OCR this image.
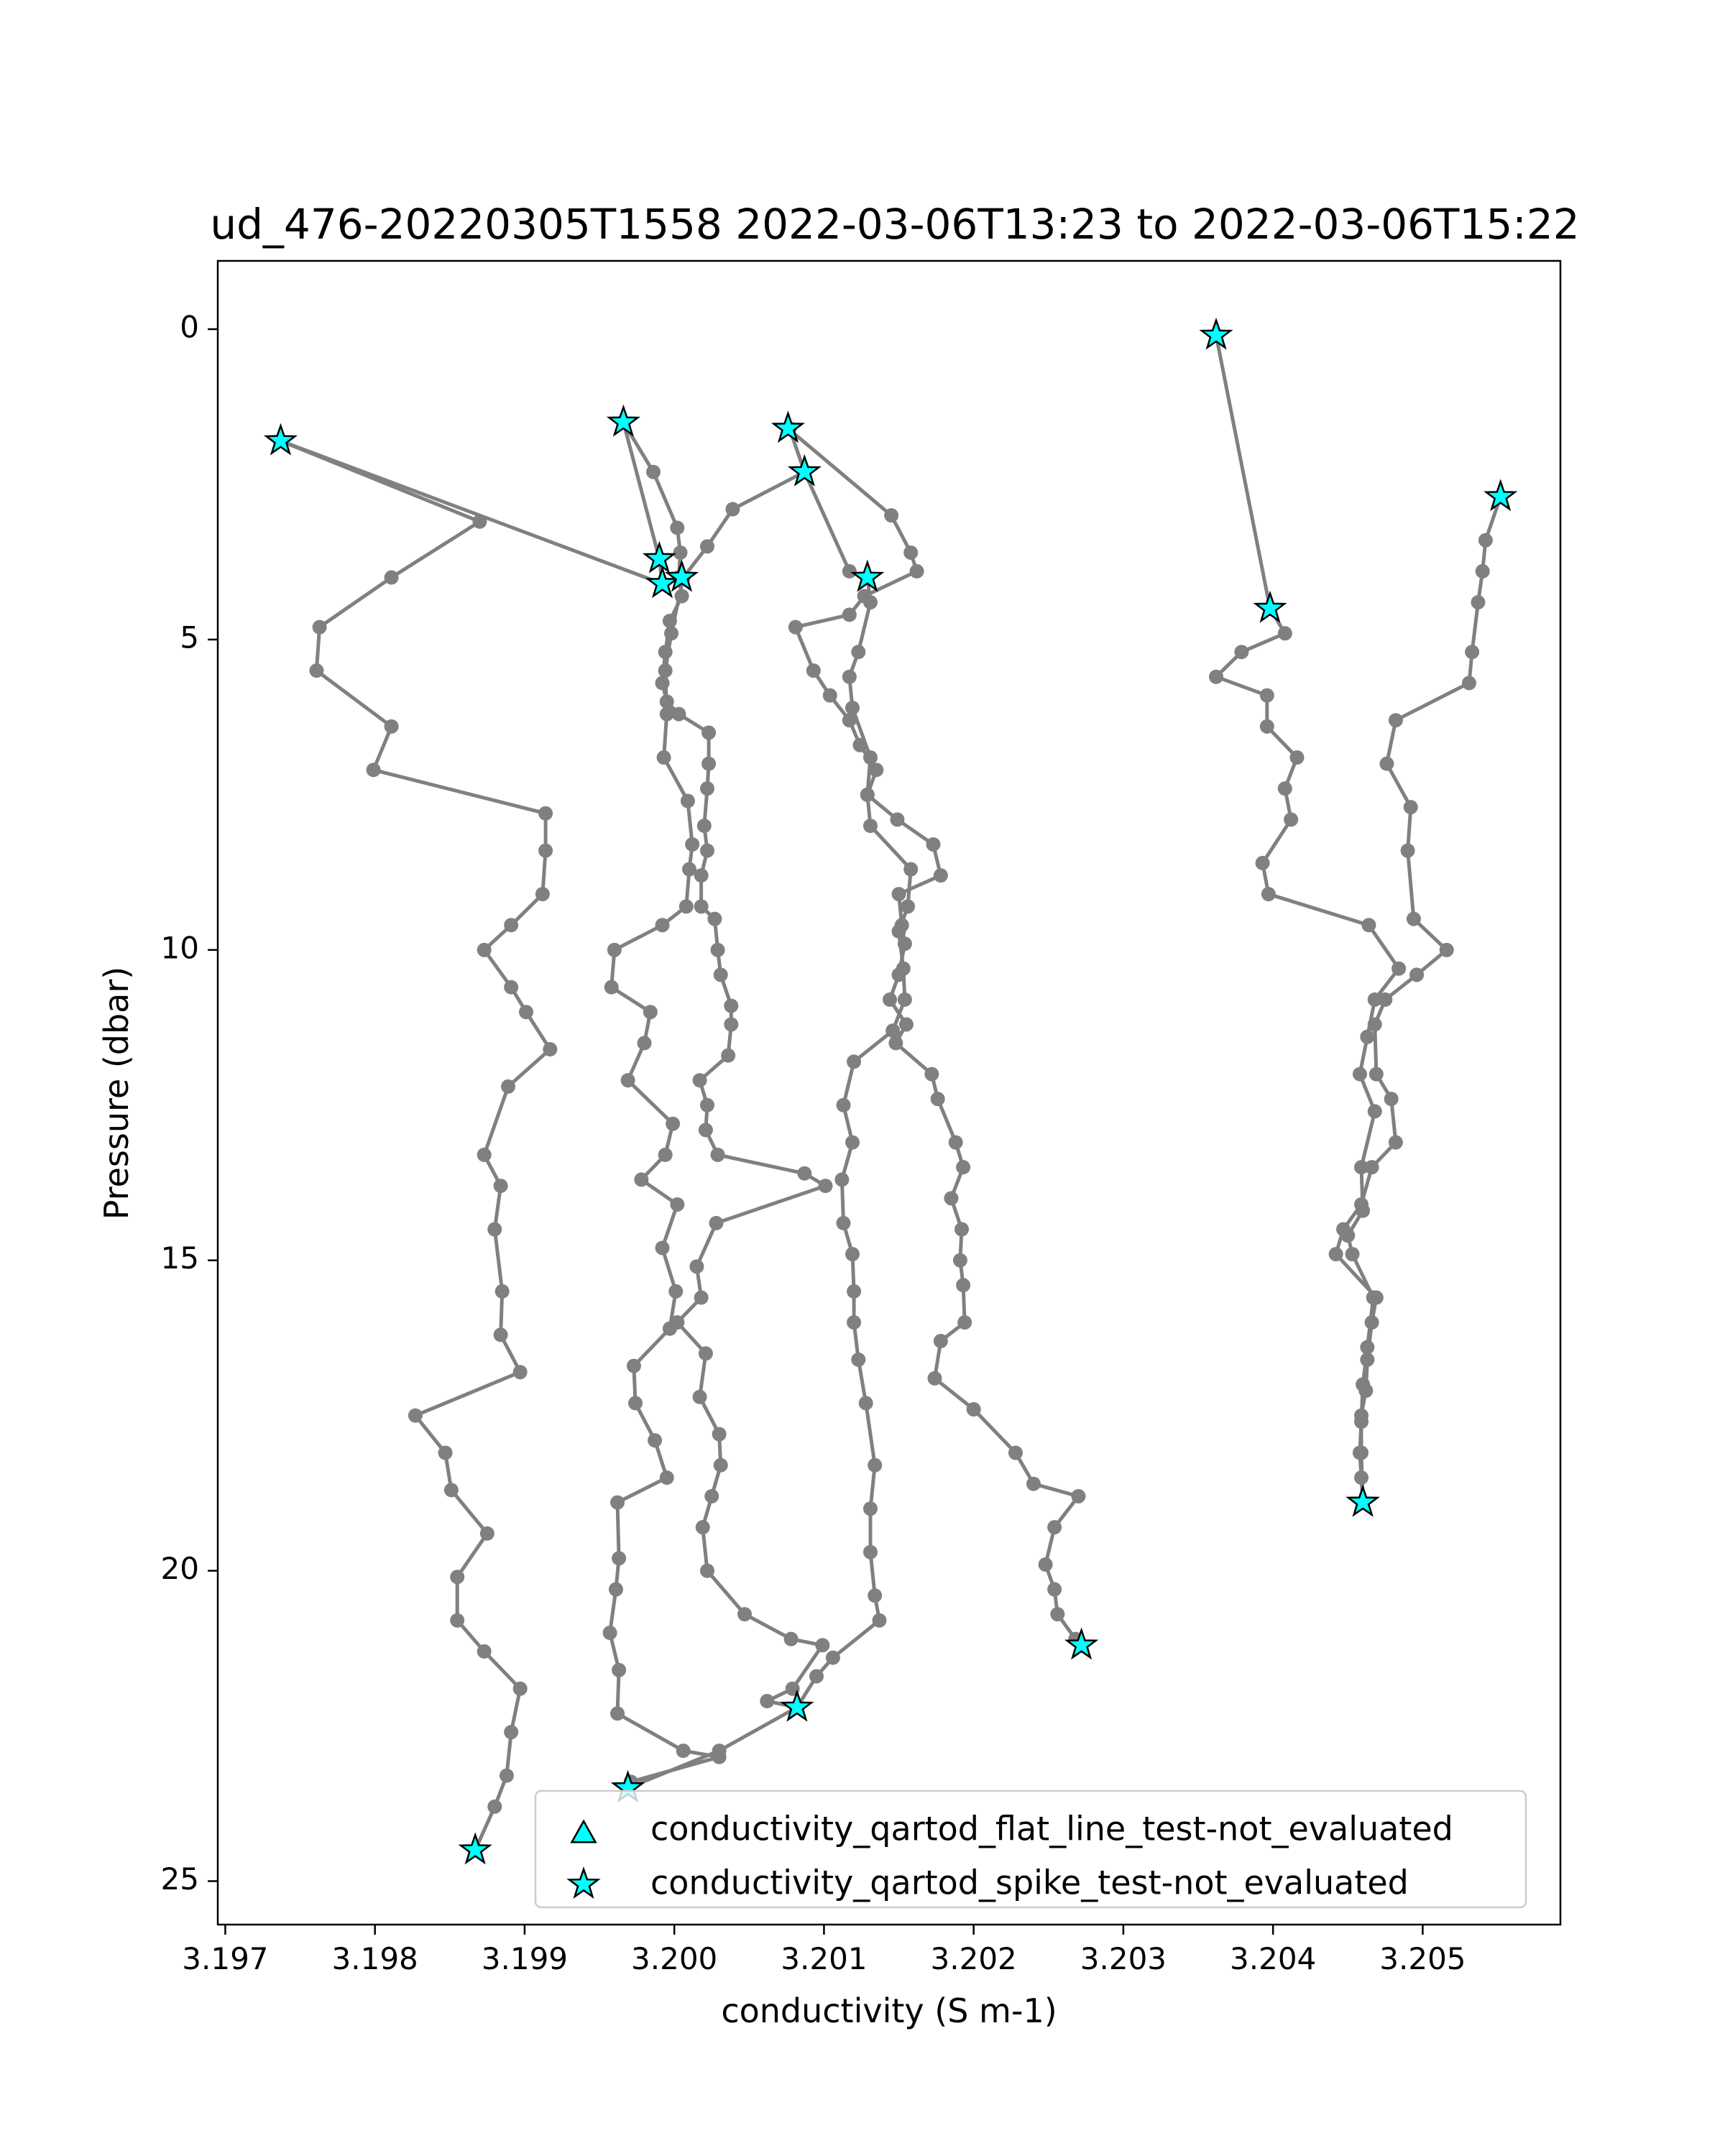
ud_476-20220305T1558 2022-03-06T13:23 to 2022-03-06T15:22
3.197 3.198 3.199 3.200 3.201 3.202 3.203 3.204 3.205
0
5
10
15
20
25
conductivity (S m-1)
Pressure (dbar)
conductivity_qartod_flat_line_test-not_evaluated
conductivity_qartod_spike_test-not_evaluated
